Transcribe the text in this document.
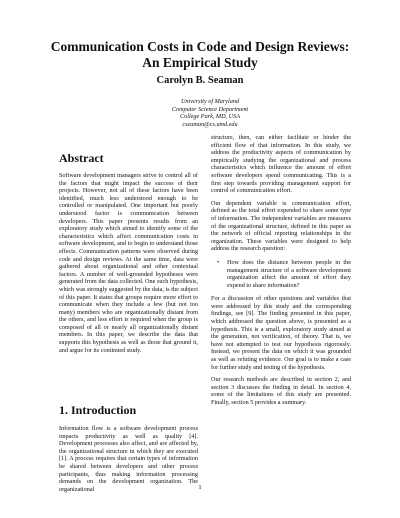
Communication Costs in Code and Design Reviews:
An Empirical Study
Carolyn B. Seaman
University of Maryland
Computer Science Department
College Park, MD, USA
cseaman@cs.umd.edu
Abstract

Software development managers strive to control all of the factors that might impact the success of their projects. However, not all of these factors have been identified, much less understood enough to be controlled or manipulated. One important but poorly understood factor is communication between developers. This paper presents results from an exploratory study which aimed to identify some of the characteristics which affect communication costs in software development, and to begin to understand those effects. Communication patterns were observed during code and design reviews. At the same time, data were gathered about organizational and other contextual factors. A number of well-grounded hypotheses were generated from the data collected. One such hypothesis, which was strongly suggested by the data, is the subject of this paper. It states that groups require more effort to communicate when they include a few (but not too many) members who are organizationally distant from the others, and less effort is required when the group is composed of all or nearly all organizationally distant members. In this paper, we describe the data that supports this hypothesis as well as those that ground it, and argue for its continued study.

1. Introduction

Information flow is a software development process impacts productivity as well as quality [4]. Development processes also affect, and are affected by, the organizational structure in which they are executed [1]. A process requires that certain types of information be shared between developers and other process participants, thus making information processing demands on the development organization. The organizational

structure, then, can either facilitate or hinder the efficient flow of that information. In this study, we address the productivity aspects of communication by empirically studying the organizational and process characteristics which influence the amount of effort software developers spend communicating. This is a first step towards providing management support for control of communication effort.

Our dependent variable is communication effort, defined as the total effort expended to share some type of information. The independent variables are measures of the organizational structure, defined in this paper as the network of official reporting relationships in the organization. These variables were designed to help address the research question:

• How does the distance between people in the management structure of a software development organization affect the amount of effort they expend to share information?

For a discussion of other questions and variables that were addressed by this study and the corresponding findings, see [9]. The finding presented in this paper, which addressed the question above, is presented as a hypothesis. This is a small, exploratory study aimed at the generation, not verification, of theory. That is, we have not attempted to test our hypothesis rigorously. Instead, we present the data on which it was grounded as well as refuting evidence. Our goal is to make a case for further study and testing of the hypothesis.

Our research methods are described in section 2, and section 3 discusses the finding in detail. In section 4, some of the limitations of this study are presented. Finally, section 5 provides a summary.

1
